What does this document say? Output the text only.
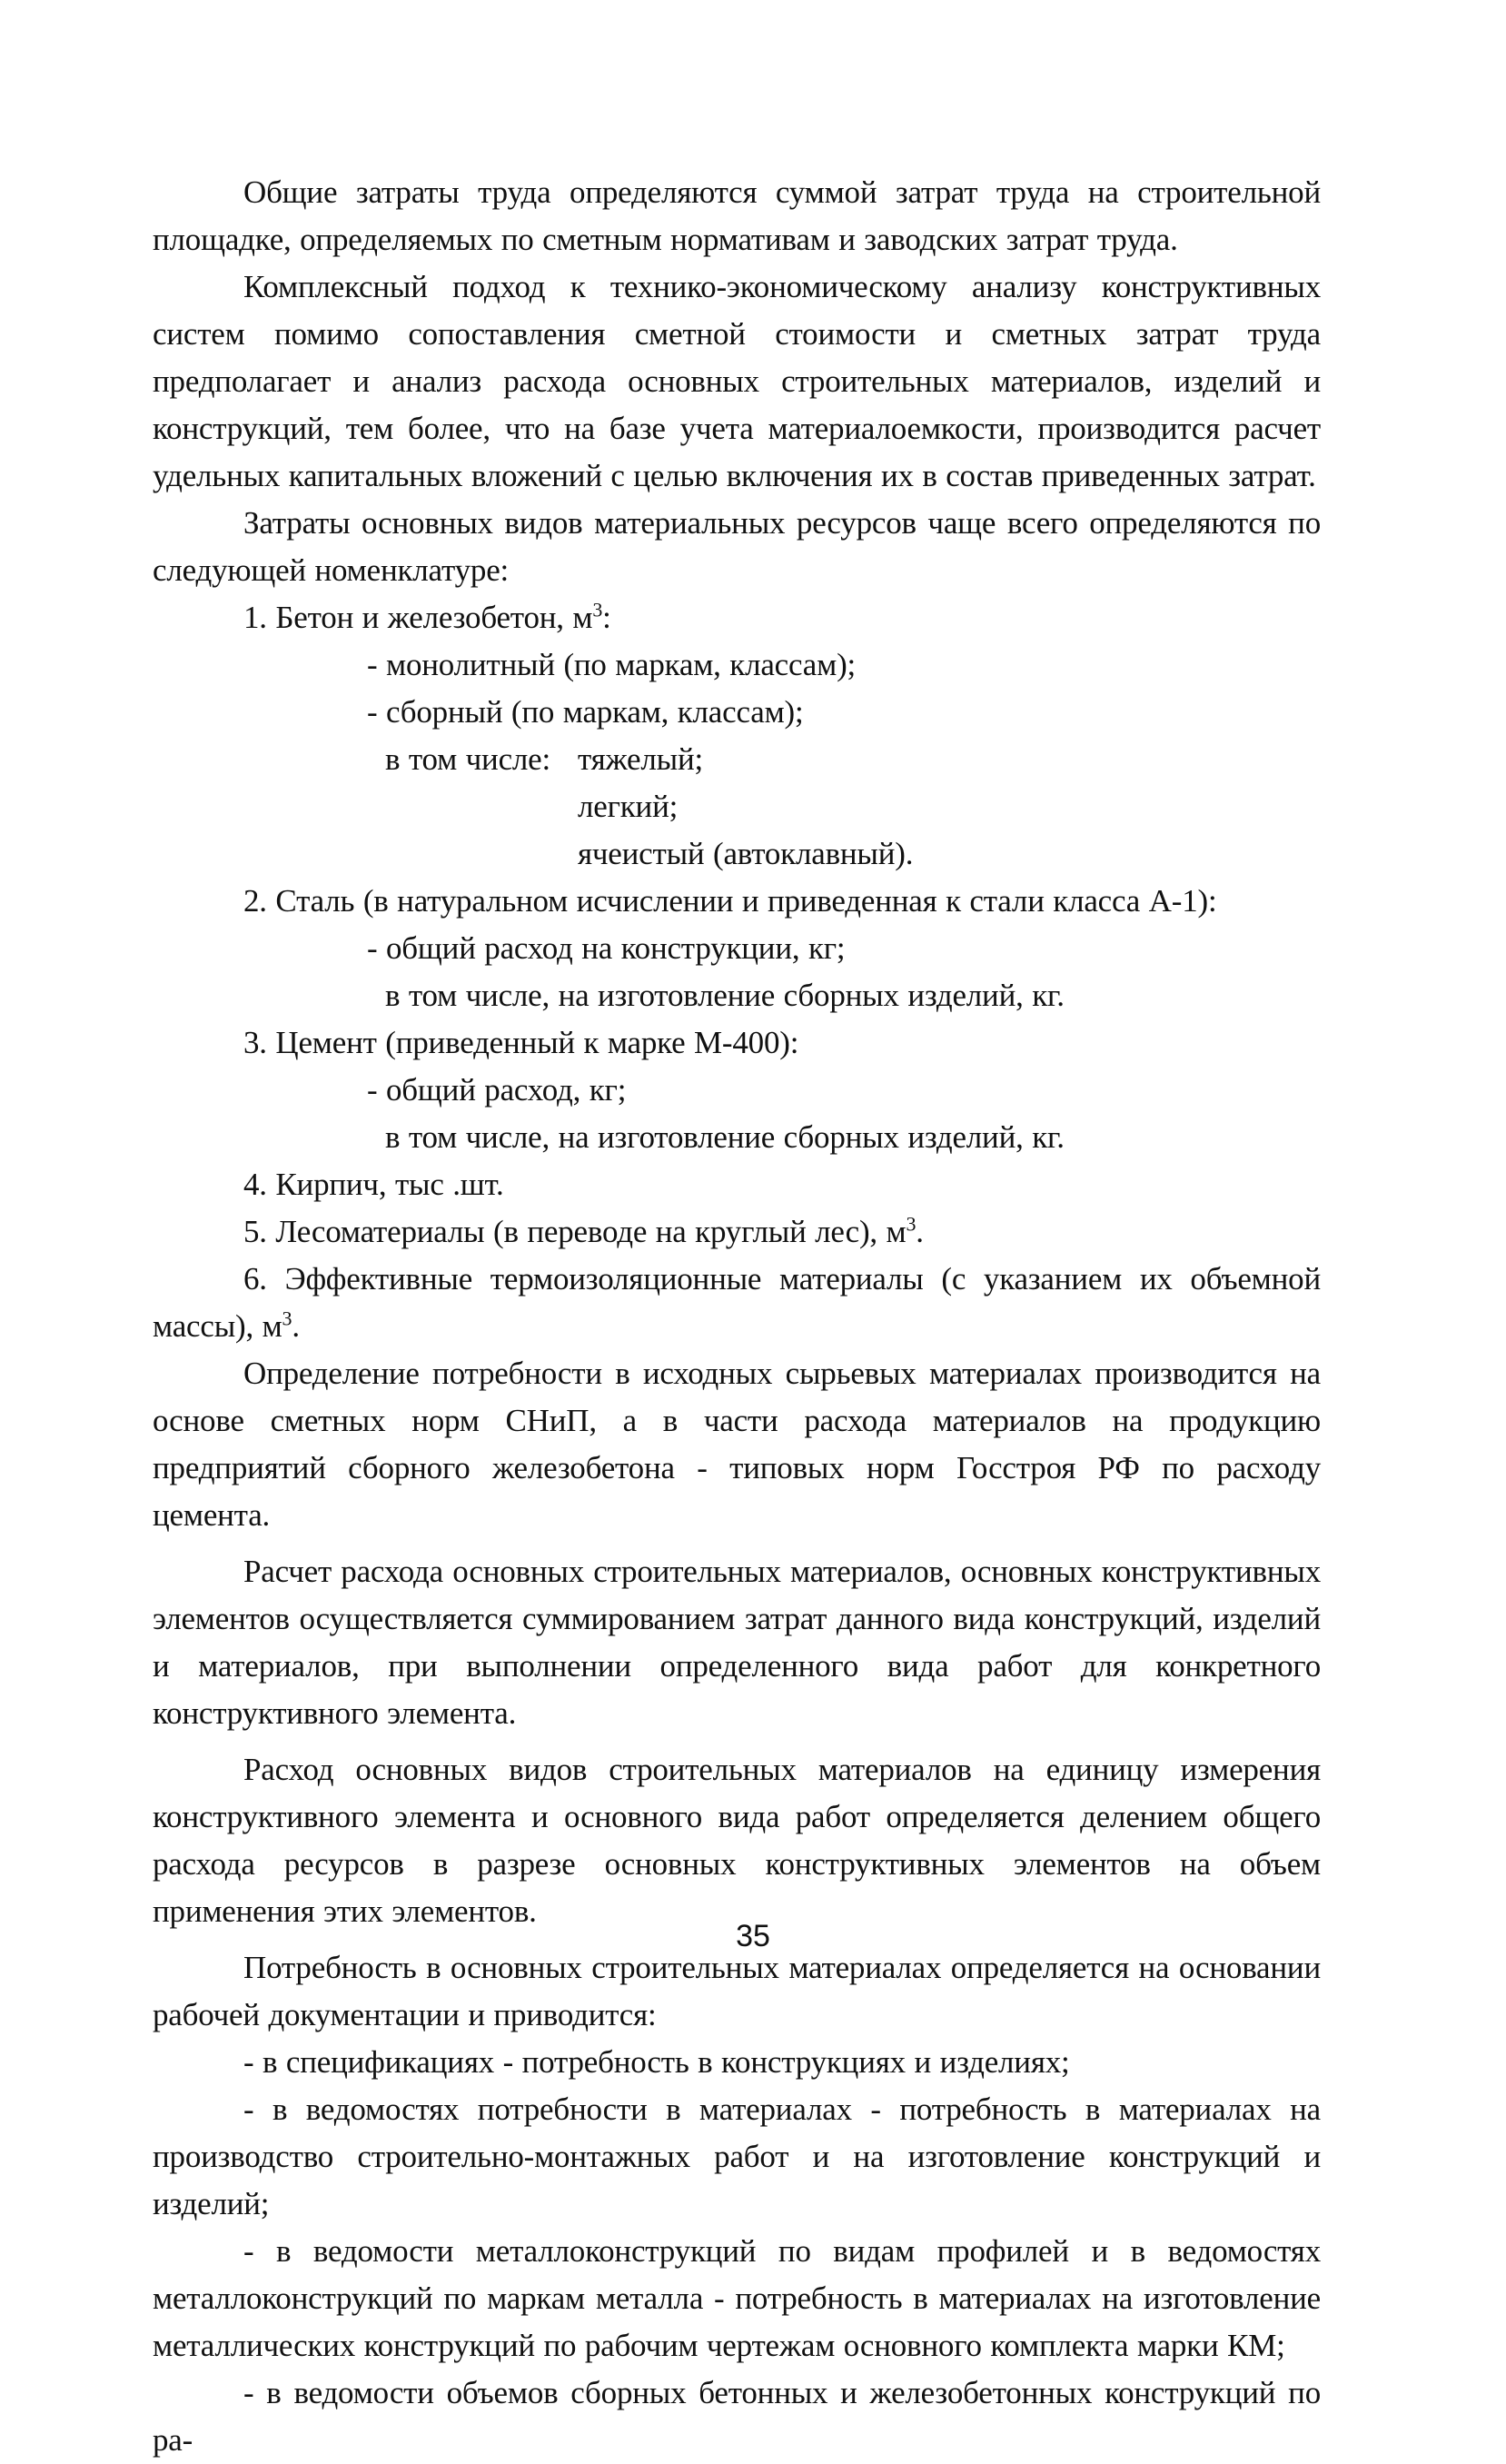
Общие затраты труда определяются суммой затрат труда на строительной площадке, определяемых по сметным нормативам и заводских затрат труда.

Комплексный подход к технико-экономическому анализу конструктивных систем помимо сопоставления сметной стоимости и сметных затрат труда предполагает и анализ расхода основных строительных материалов, изделий и конструкций, тем более, что на базе учета материалоемкости, производится расчет удельных капитальных вложений с целью включения их в состав приведенных затрат.

Затраты основных видов материальных ресурсов чаще всего определяются по следующей номенклатуре:

1. Бетон и железобетон, $м^3$:

- монолитный (по маркам, классам);

- сборный (по маркам, классам);

в том числе: тяжелый;

легкий;

ячеистый (автоклавный).

2. Сталь (в натуральном исчислении и приведенная к стали класса А-1):

- общий расход на конструкции, кг;

в том числе, на изготовление сборных изделий, кг.

3. Цемент (приведенный к марке М-400):

- общий расход, кг;

в том числе, на изготовление сборных изделий, кг.

4. Кирпич, тыс .шт.

5. Лесоматериалы (в переводе на круглый лес), $м^3$.

6. Эффективные термоизоляционные материалы (с указанием их объемной массы), $м^3$.

Определение потребности в исходных сырьевых материалах производится на основе сметных норм СНиП, а в части расхода материалов на продукцию предприятий сборного железобетона - типовых норм Госстроя РФ по расходу цемента.

Расчет расхода основных строительных материалов, основных конструктивных элементов осуществляется суммированием затрат данного вида конструкций, изделий и материалов, при выполнении определенного вида работ для конкретного конструктивного элемента.

Расход основных видов строительных материалов на единицу измерения конструктивного элемента и основного вида работ определяется делением общего расхода ресурсов в разрезе основных конструктивных элементов на объем применения этих элементов.

Потребность в основных строительных материалах определяется на основании рабочей документации и приводится:

- в спецификациях - потребность в конструкциях и изделиях;

- в ведомостях потребности в материалах - потребность в материалах на производство строительно-монтажных работ и на изготовление конструкций и изделий;

- в ведомости металлоконструкций по видам профилей и в ведомостях металлоконструкций по маркам металла - потребность в материалах на изготовление металлических конструкций по рабочим чертежам основного комплекта марки КМ;

- в ведомости объемов сборных бетонных и железобетонных конструкций по ра-

35
